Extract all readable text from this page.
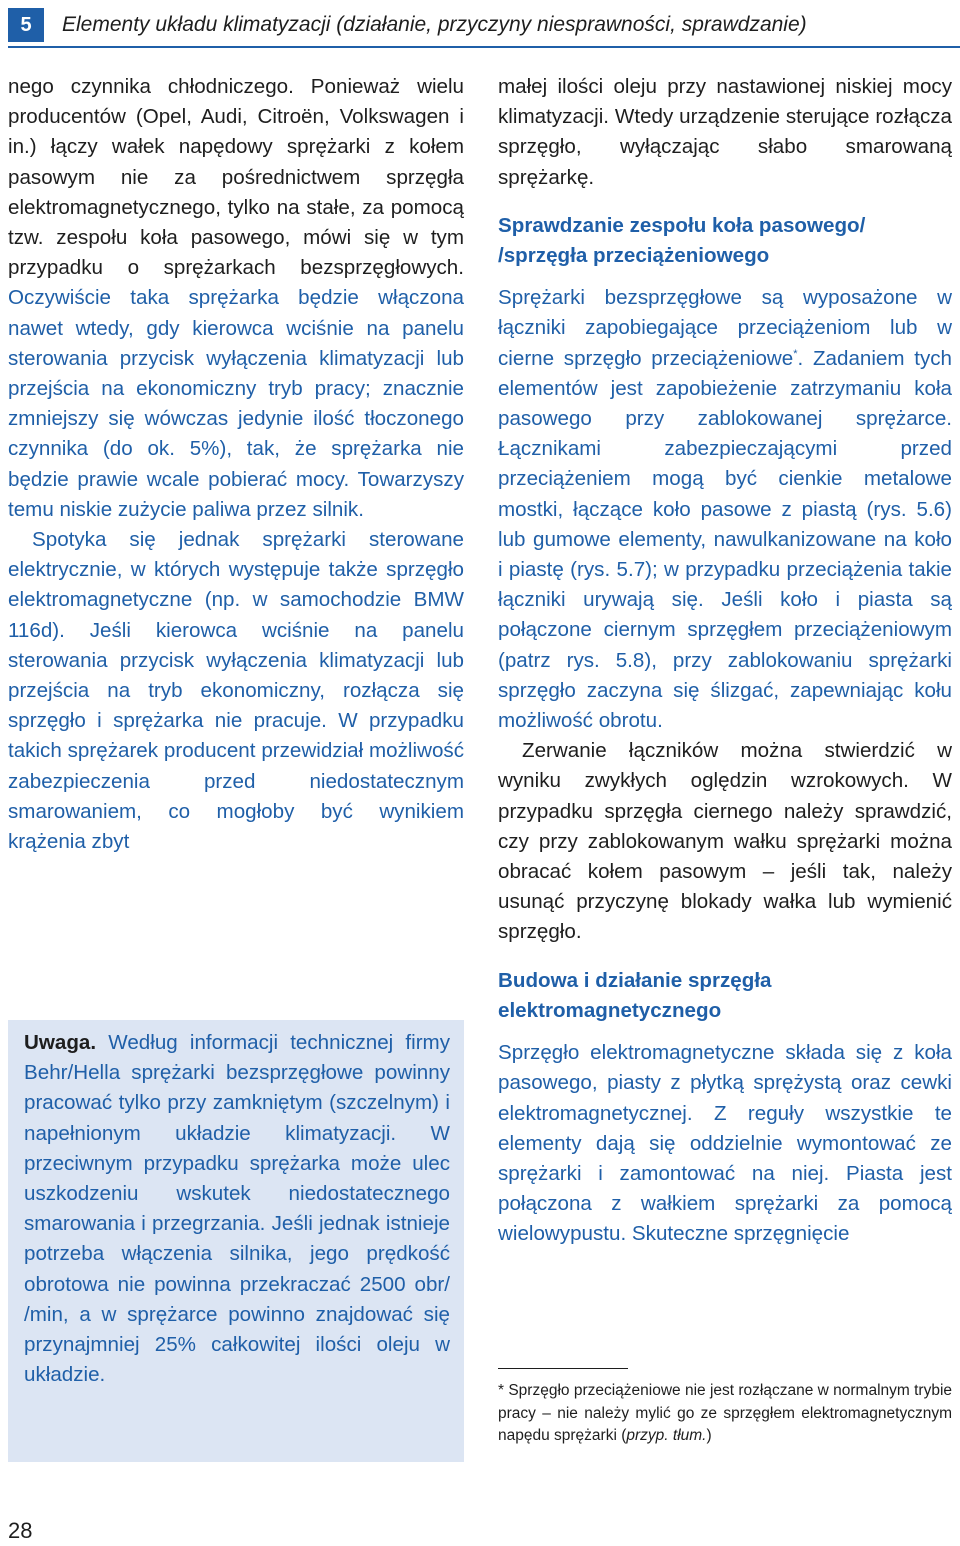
5	Elementy układu klimatyzacji (działanie, przyczyny niesprawności, sprawdzanie)

nego czynnika chłodniczego. Ponieważ wielu producentów (Opel, Audi, Citroën, Volkswagen i in.) łączy wałek napędowy sprężarki z kołem pasowym nie za pośrednictwem sprzęgła elektromagnetycznego, tylko na stałe, za pomocą tzw. zespołu koła pasowego, mówi się w tym przypadku o sprężarkach bezsprzęgłowych. Oczywiście taka sprężarka będzie włączona nawet wtedy, gdy kierowca wciśnie na panelu sterowania przycisk wyłączenia klimatyzacji lub przejścia na ekonomiczny tryb pracy; znacznie zmniejszy się wówczas jedynie ilość tłoczonego czynnika (do ok. 5%), tak, że sprężarka nie będzie prawie wcale pobierać mocy. Towarzyszy temu niskie zużycie paliwa przez silnik.

Spotyka się jednak sprężarki sterowane elektrycznie, w których występuje także sprzęgło elektromagnetyczne (np. w samochodzie BMW 116d). Jeśli kierowca wciśnie na panelu sterowania przycisk wyłączenia klimatyzacji lub przejścia na tryb ekonomiczny, rozłącza się sprzęgło i sprężarka nie pracuje. W przypadku takich sprężarek producent przewidział możliwość zabezpieczenia przed niedostatecznym smarowaniem, co mogłoby być wynikiem krążenia zbyt

Uwaga. Według informacji technicznej firmy Behr/Hella sprężarki bezsprzęgłowe powinny pracować tylko przy zamkniętym (szczelnym) i napełnionym układzie klimatyzacji. W przeciwnym przypadku sprężarka może ulec uszkodzeniu wskutek niedostatecznego smarowania i przegrzania. Jeśli jednak istnieje potrzeba włączenia silnika, jego prędkość obrotowa nie powinna przekraczać 2500 obr/ /min, a w sprężarce powinno znajdować się przynajmniej 25% całkowitej ilości oleju w układzie.

małej ilości oleju przy nastawionej niskiej mocy klimatyzacji. Wtedy urządzenie sterujące rozłącza sprzęgło, wyłączając słabo smarowaną sprężarkę.

Sprawdzanie zespołu koła pasowego/ /sprzęgła przeciążeniowego

Sprężarki bezsprzęgłowe są wyposażone w łączniki zapobiegające przeciążeniom lub w cierne sprzęgło przeciążeniowe*. Zadaniem tych elementów jest zapobieżenie zatrzymaniu koła pasowego przy zablokowanej sprężarce. Łącznikami zabezpieczającymi przed przeciążeniem mogą być cienkie metalowe mostki, łączące koło pasowe z piastą (rys. 5.6) lub gumowe elementy, nawulkanizowane na koło i piastę (rys. 5.7); w przypadku przeciążenia takie łączniki urywają się. Jeśli koło i piasta są połączone ciernym sprzęgłem przeciążeniowym (patrz rys. 5.8), przy zablokowaniu sprężarki sprzęgło zaczyna się ślizgać, zapewniając kołu możliwość obrotu.

Zerwanie łączników można stwierdzić w wyniku zwykłych oględzin wzrokowych. W przypadku sprzęgła ciernego należy sprawdzić, czy przy zablokowanym wałku sprężarki można obracać kołem pasowym – jeśli tak, należy usunąć przyczynę blokady wałka lub wymienić sprzęgło.

Budowa i działanie sprzęgła elektromagnetycznego

Sprzęgło elektromagnetyczne składa się z koła pasowego, piasty z płytką sprężystą oraz cewki elektromagnetycznej. Z reguły wszystkie te elementy dają się oddzielnie wymontować ze sprężarki i zamontować na niej. Piasta jest połączona z wałkiem sprężarki za pomocą wielowypustu. Skuteczne sprzęgnięcie

* Sprzęgło przeciążeniowe nie jest rozłączane w normalnym trybie pracy – nie należy mylić go ze sprzęgłem elektromagnetycznym napędu sprężarki (przyp. tłum.)
28
